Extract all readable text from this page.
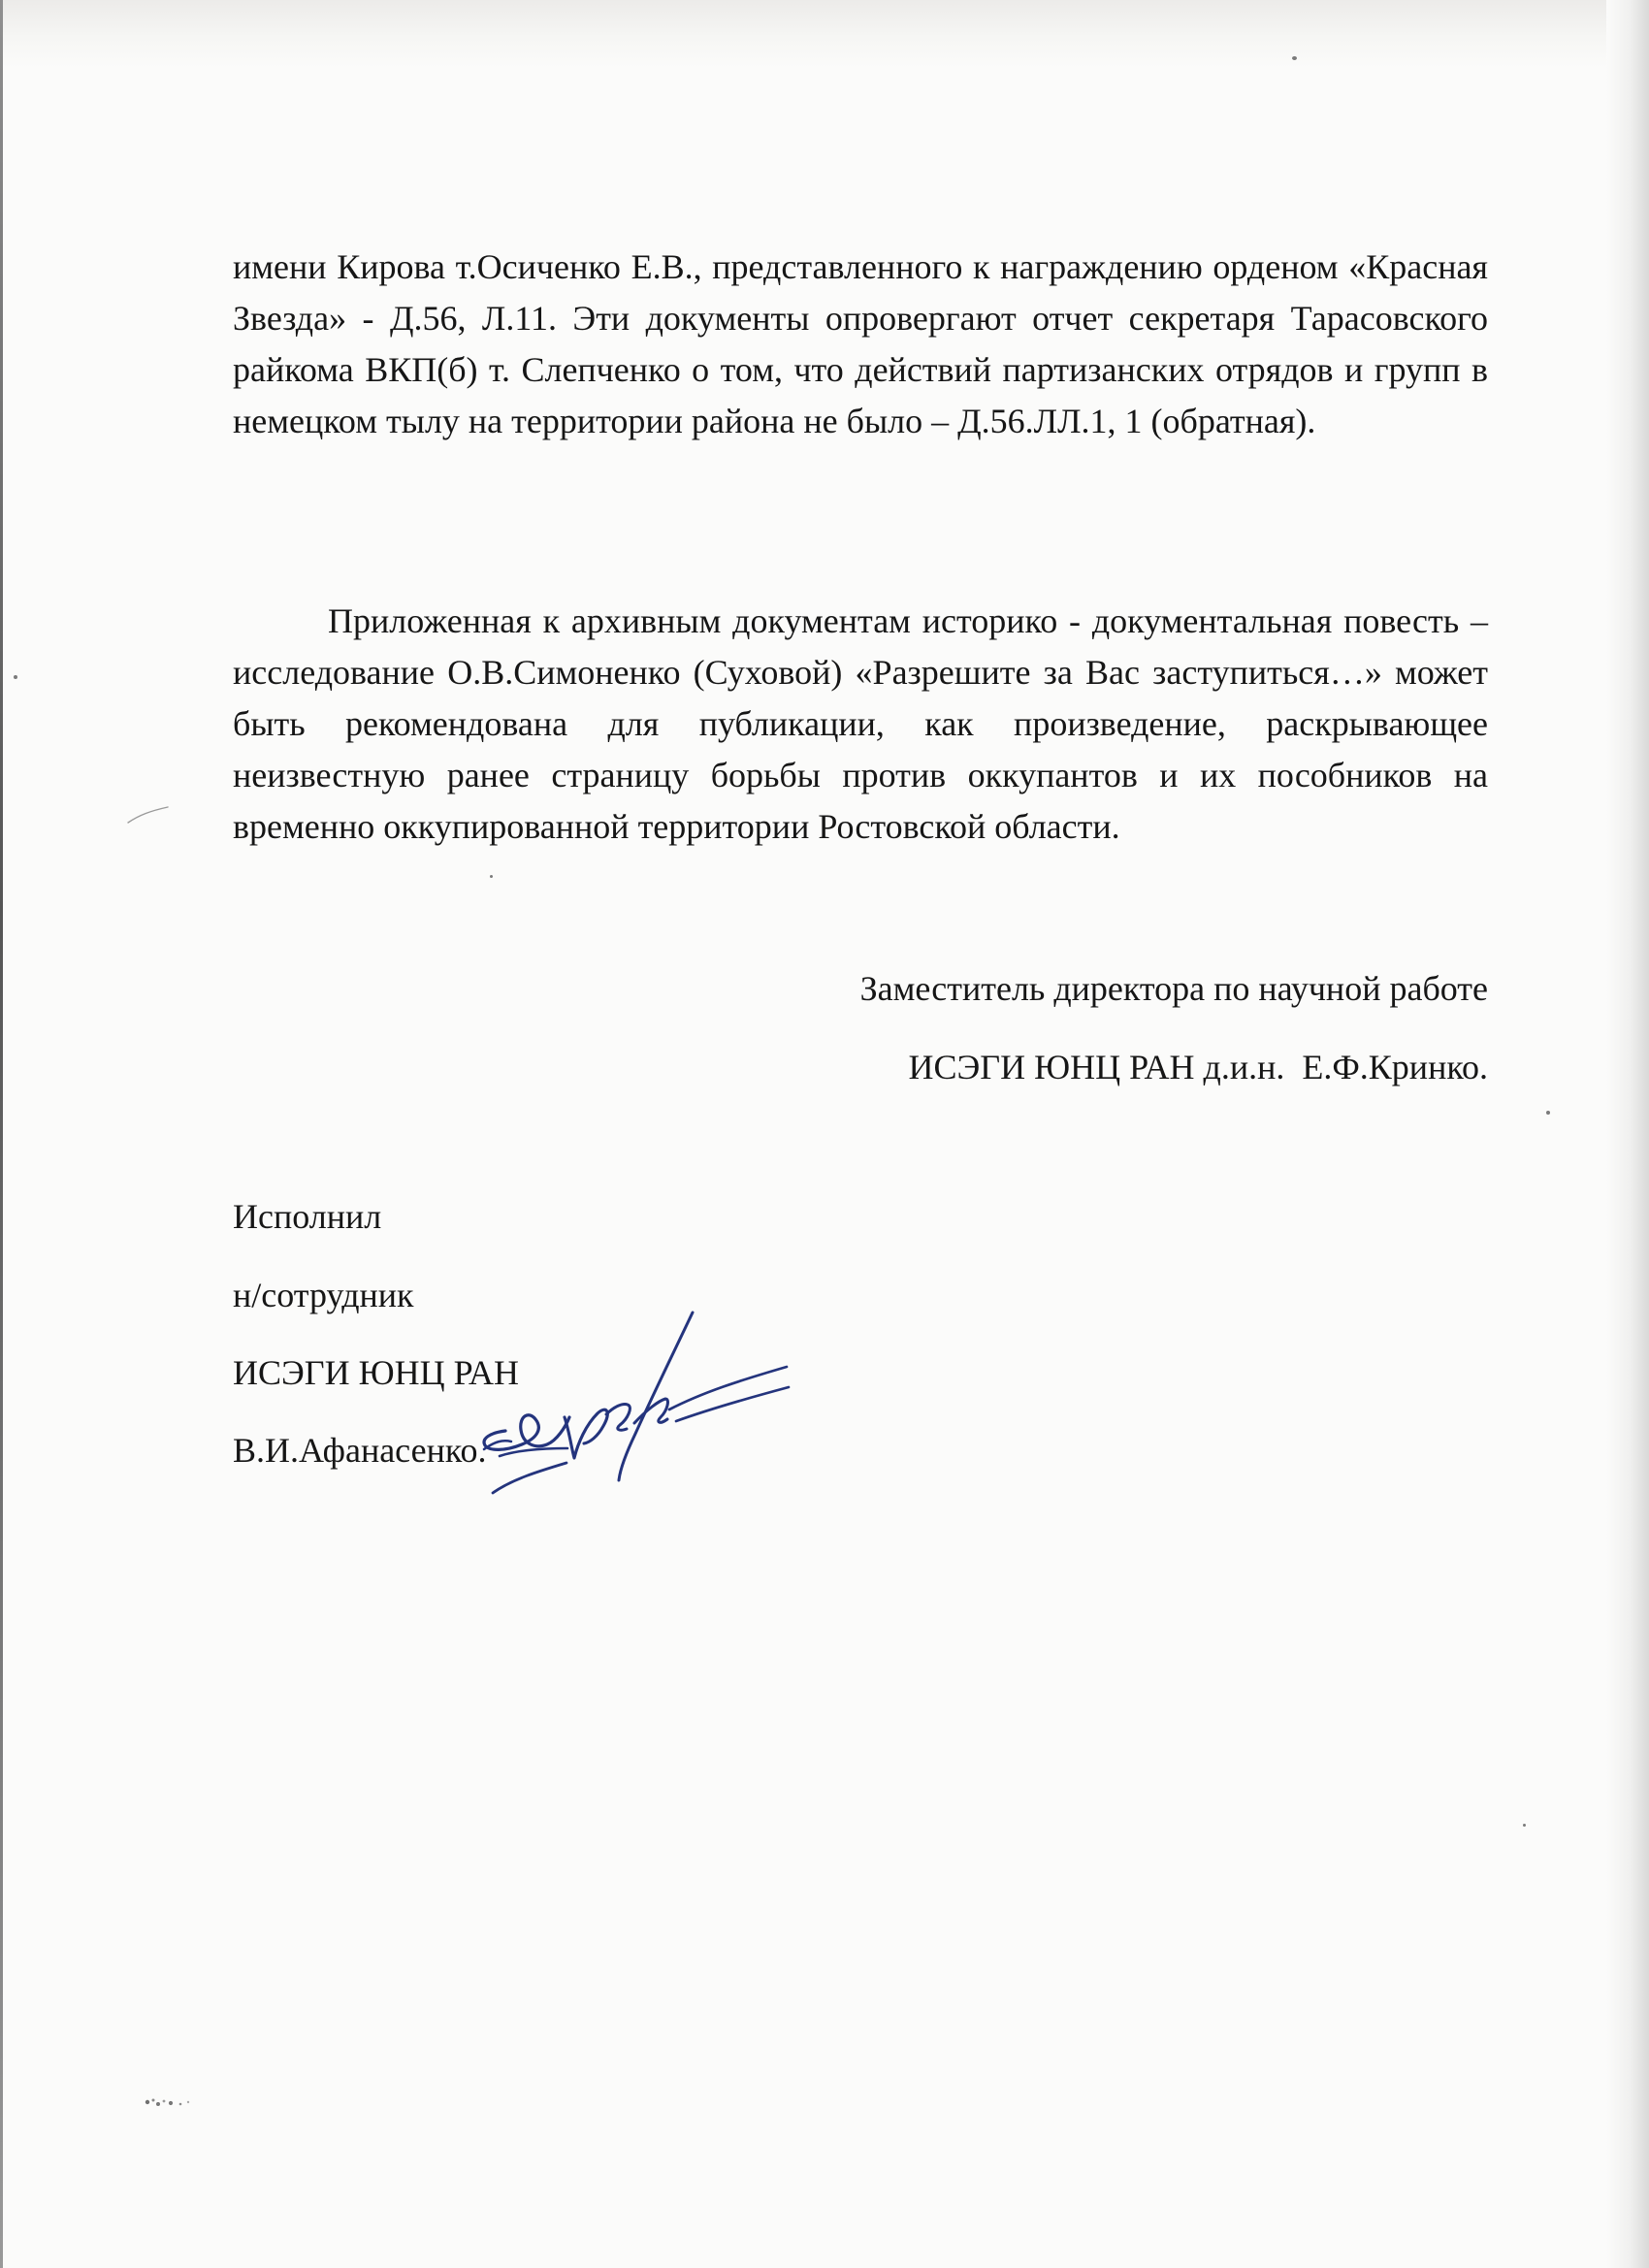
имени Кирова т.Осиченко Е.В., представленного к награждению орденом «Красная Звезда» - Д.56, Л.11. Эти документы опровергают отчет секретаря Тарасовского райкома ВКП(б) т. Слепченко о том, что действий партизанских отрядов и групп в немецком тылу на территории района не было – Д.56.ЛЛ.1, 1 (обратная).

Приложенная к архивным документам историко - документальная повесть – исследование О.В.Симоненко (Суховой) «Разрешите за Вас заступиться…» может быть рекомендована для публикации, как произведение, раскрывающее неизвестную ранее страницу борьбы против оккупантов и их пособников на временно оккупированной территории Ростовской области.

Заместитель директора по научной работе
ИСЭГИ ЮНЦ РАН д.и.н.  Е.Ф.Кринко.
Исполнил
н/сотрудник
ИСЭГИ ЮНЦ РАН
В.И.Афанасенко.
